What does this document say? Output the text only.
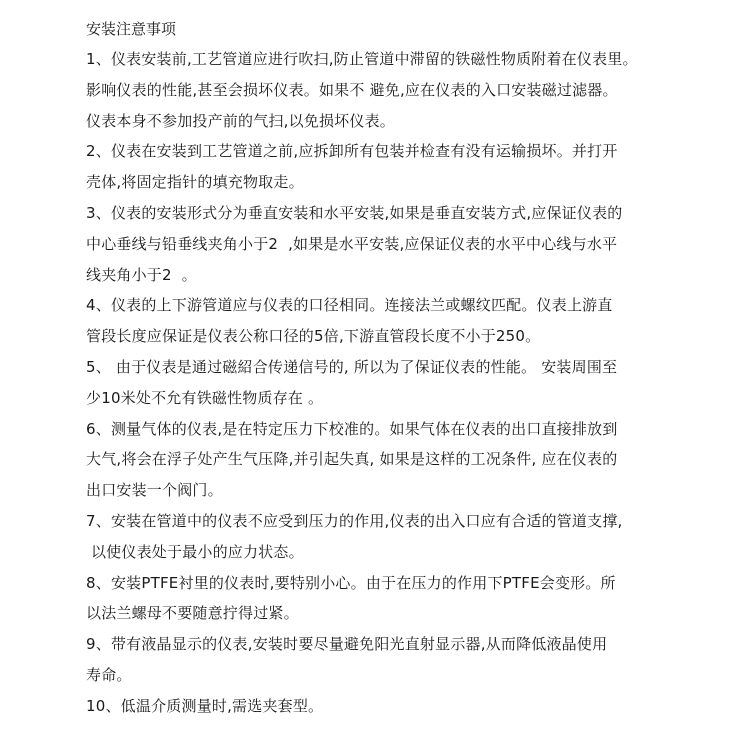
安装注意事项
1、仪表安装前,工艺管道应进行吹扫,防止管道中滞留的铁磁性物质附着在仪表里。
影响仪表的性能,甚至会损坏仪表。如果不 避免,应在仪表的入口安装磁过滤器。
仪表本身不参加投产前的气扫,以免损坏仪表。
2、仪表在安装到工艺管道之前,应拆卸所有包装并检查有没有运输损坏。并打开
壳体,将固定指针的填充物取走。
3、仪表的安装形式分为垂直安装和水平安装,如果是垂直安装方式,应保证仪表的
中心垂线与铅垂线夹角小于2  ,如果是水平安装,应保证仪表的水平中心线与水平
线夹角小于2  。
4、仪表的上下游管道应与仪表的口径相同。连接法兰或螺纹匹配。仪表上游直
管段长度应保证是仪表公称口径的5倍,下游直管段长度不小于250。
5、 由于仪表是通过磁紹合传递信号的, 所以为了保证仪表的性能。 安装周围至
少10米处不允有铁磁性物质存在 。
6、测量气体的仪表,是在特定压力下校准的。如果气体在仪表的出口直接排放到
大气,将会在浮子处产生气压降,并引起失真, 如果是这样的工况条件, 应在仪表的
出口安装一个阀门。
7、安装在管道中的仪表不应受到压力的作用,仪表的出入口应有合适的管道支撑,
以使仪表处于最小的应力状态。
8、安装PTFE衬里的仪表时,要特别小心。由于在压力的作用下PTFE会变形。所
以法兰螺母不要随意拧得过紧。
9、带有液晶显示的仪表,安装时要尽量避免阳光直射显示器,从而降低液晶使用
寿命。
10、低温介质测量时,需选夹套型。
